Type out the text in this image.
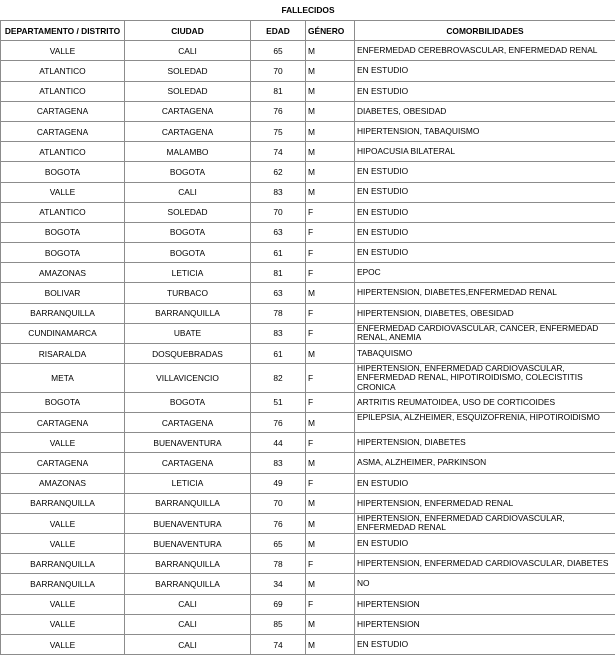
FALLECIDOS				
DEPARTAMENTO / DISTRITO	CIUDAD	EDAD	GÉNERO	COMORBILIDADES
VALLE	CALI	65	M	ENFERMEDAD CEREBROVASCULAR, ENFERMEDAD RENAL
ATLANTICO	SOLEDAD	70	M	EN ESTUDIO
ATLANTICO	SOLEDAD	81	M	EN ESTUDIO
CARTAGENA	CARTAGENA	76	M	DIABETES, OBESIDAD
CARTAGENA	CARTAGENA	75	M	HIPERTENSION, TABAQUISMO
ATLANTICO	MALAMBO	74	M	HIPOACUSIA BILATERAL
BOGOTA	BOGOTA	62	M	EN ESTUDIO
VALLE	CALI	83	M	EN ESTUDIO
ATLANTICO	SOLEDAD	70	F	EN ESTUDIO
BOGOTA	BOGOTA	63	F	EN ESTUDIO
BOGOTA	BOGOTA	61	F	EN ESTUDIO
AMAZONAS	LETICIA	81	F	EPOC
BOLIVAR	TURBACO	63	M	HIPERTENSION, DIABETES,ENFERMEDAD RENAL
BARRANQUILLA	BARRANQUILLA	78	F	HIPERTENSION, DIABETES, OBESIDAD
CUNDINAMARCA	UBATE	83	F	ENFERMEDAD CARDIOVASCULAR, CANCER, ENFERMEDAD RENAL, ANEMIA
RISARALDA	DOSQUEBRADAS	61	M	TABAQUISMO
META	VILLAVICENCIO	82	F	HIPERTENSION, ENFERMEDAD CARDIOVASCULAR, ENFERMEDAD RENAL, HIPOTIROIDISMO, COLECISTITIS CRONICA
BOGOTA	BOGOTA	51	F	ARTRITIS REUMATOIDEA, USO DE CORTICOIDES
CARTAGENA	CARTAGENA	76	M	EPILEPSIA, ALZHEIMER, ESQUIZOFRENIA, HIPOTIROIDISMO
VALLE	BUENAVENTURA	44	F	HIPERTENSION, DIABETES
CARTAGENA	CARTAGENA	83	M	ASMA, ALZHEIMER, PARKINSON
AMAZONAS	LETICIA	49	F	EN ESTUDIO
BARRANQUILLA	BARRANQUILLA	70	M	HIPERTENSION, ENFERMEDAD RENAL
VALLE	BUENAVENTURA	76	M	HIPERTENSION, ENFERMEDAD CARDIOVASCULAR, ENFERMEDAD RENAL
VALLE	BUENAVENTURA	65	M	EN ESTUDIO
BARRANQUILLA	BARRANQUILLA	78	F	HIPERTENSION, ENFERMEDAD CARDIOVASCULAR, DIABETES
BARRANQUILLA	BARRANQUILLA	34	M	NO
VALLE	CALI	69	F	HIPERTENSION
VALLE	CALI	85	M	HIPERTENSION
VALLE	CALI	74	M	EN ESTUDIO
